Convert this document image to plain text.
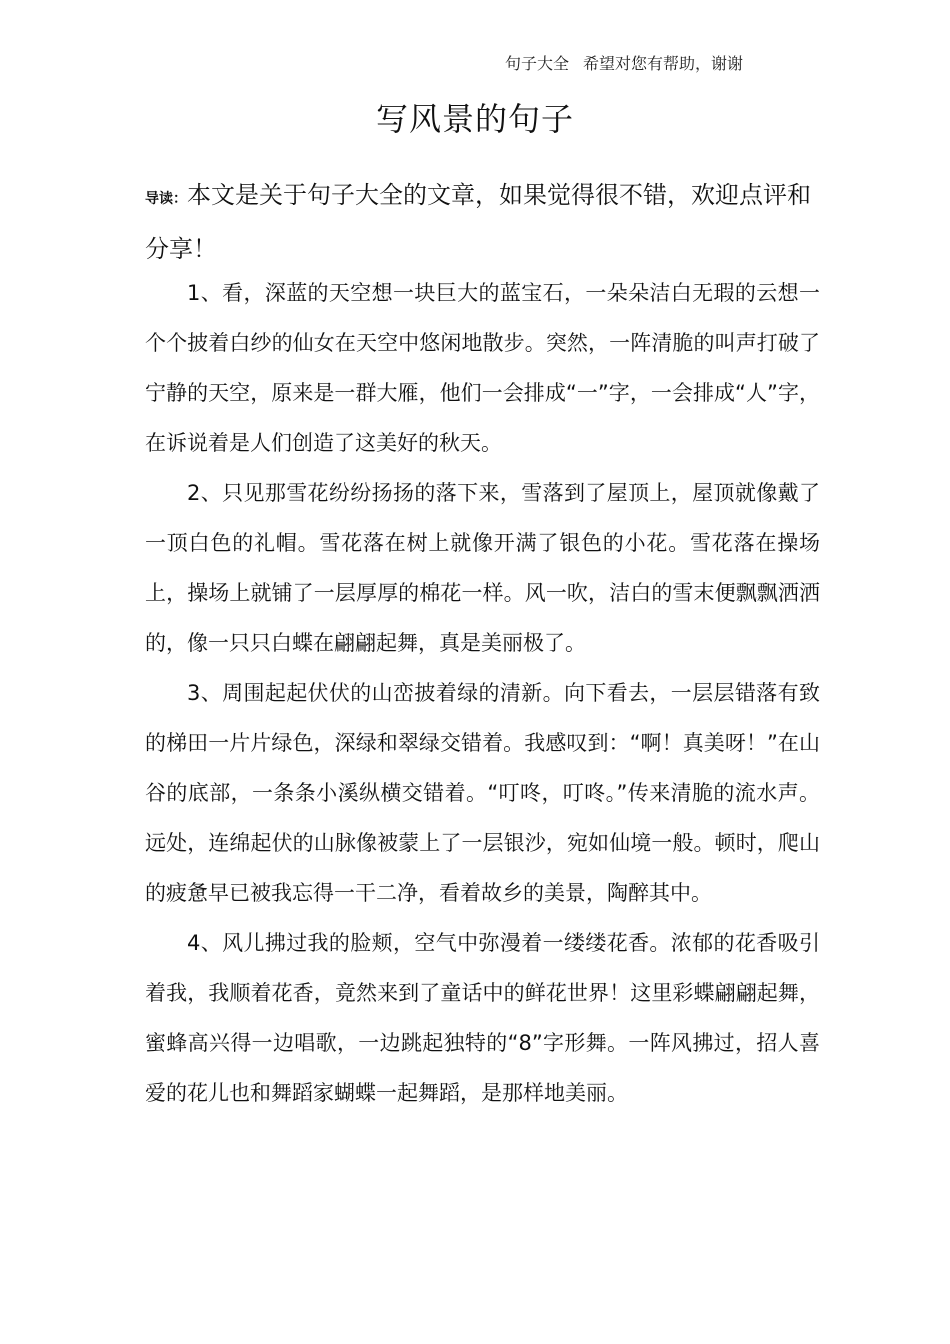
句子大全 希望对您有帮助，谢谢
写风景的句子
导读：本文是关于句子大全的文章，如果觉得很不错，欢迎点评和分享！

1、看，深蓝的天空想一块巨大的蓝宝石，一朵朵洁白无瑕的云想一个个披着白纱的仙女在天空中悠闲地散步。突然，一阵清脆的叫声打破了宁静的天空，原来是一群大雁，他们一会排成“一”字，一会排成“人”字，在诉说着是人们创造了这美好的秋天。

2、只见那雪花纷纷扬扬的落下来，雪落到了屋顶上，屋顶就像戴了一顶白色的礼帽。雪花落在树上就像开满了银色的小花。雪花落在操场上，操场上就铺了一层厚厚的棉花一样。风一吹，洁白的雪末便飘飘洒洒的，像一只只白蝶在翩翩起舞，真是美丽极了。

3、周围起起伏伏的山峦披着绿的清新。向下看去，一层层错落有致的梯田一片片绿色，深绿和翠绿交错着。我感叹到：“啊！真美呀！”在山谷的底部，一条条小溪纵横交错着。“叮咚，叮咚。”传来清脆的流水声。远处，连绵起伏的山脉像被蒙上了一层银沙，宛如仙境一般。顿时，爬山的疲惫早已被我忘得一干二净，看着故乡的美景，陶醉其中。

4、风儿拂过我的脸颊，空气中弥漫着一缕缕花香。浓郁的花香吸引着我，我顺着花香，竟然来到了童话中的鲜花世界！这里彩蝶翩翩起舞，蜜蜂高兴得一边唱歌，一边跳起独特的“8”字形舞。一阵风拂过，招人喜爱的花儿也和舞蹈家蝴蝶一起舞蹈，是那样地美丽。
